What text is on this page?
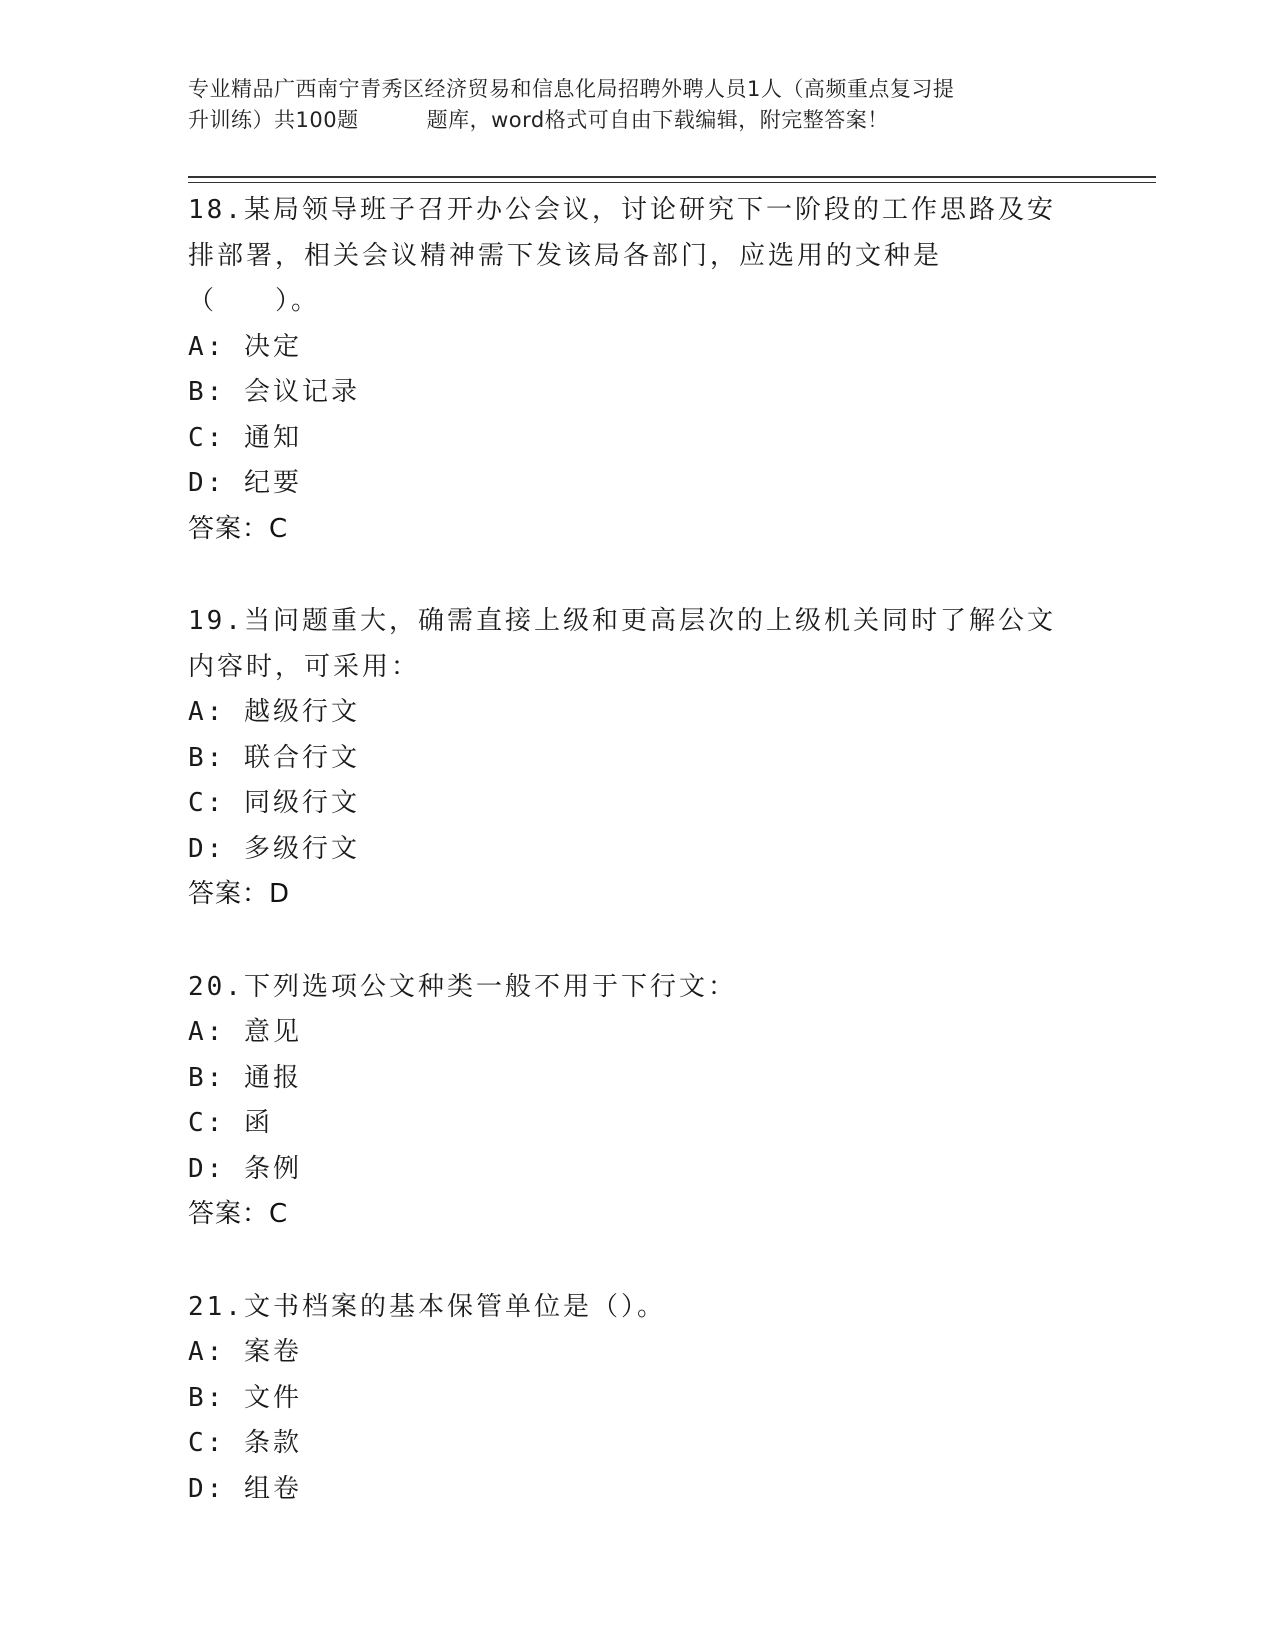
专业精品广西南宁青秀区经济贸易和信息化局招聘外聘人员1人（高频重点复习提
升训练）共100题	题库，word格式可自由下载编辑，附完整答案！

18.某局领导班子召开办公会议，讨论研究下一阶段的工作思路及安排部署，相关会议精神需下发该局各部门，应选用的文种是（　　）。

A: 决定

B: 会议记录

C: 通知

D: 纪要

答案：C

19.当问题重大，确需直接上级和更高层次的上级机关同时了解公文内容时，可采用：

A: 越级行文

B: 联合行文

C: 同级行文

D: 多级行文

答案：D

20.下列选项公文种类一般不用于下行文：

A: 意见

B: 通报

C: 函

D: 条例

答案：C

21.文书档案的基本保管单位是（）。

A: 案卷

B: 文件

C: 条款

D: 组卷
